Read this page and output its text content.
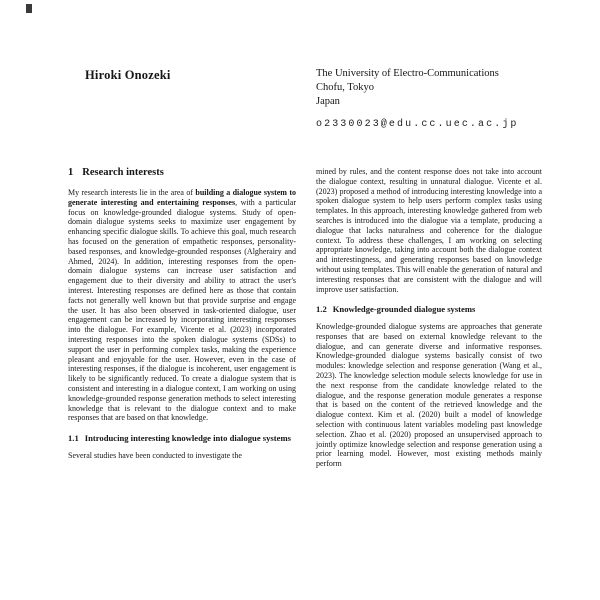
Hiroki Onozeki	The University of Electro-Communications
Chofu, Tokyo
Japan
o2330023@edu.cc.uec.ac.jp
1 Research interests

My research interests lie in the area of building a dialogue system to generate interesting and entertaining responses, with a particular focus on knowledge-grounded dialogue systems. Study of open-domain dialogue systems seeks to maximize user engagement by enhancing specific dialogue skills. To achieve this goal, much research has focused on the generation of empathetic responses, personality-based responses, and knowledge-grounded responses (Algherairy and Ahmed, 2024). In addition, interesting responses from the open-domain dialogue systems can increase user satisfaction and engagement due to their diversity and ability to attract the user's interest. Interesting responses are defined here as those that contain facts not generally well known but that provide surprise and engage the user. It has also been observed in task-oriented dialogue, user engagement can be increased by incorporating interesting responses into the dialogue. For example, Vicente et al. (2023) incorporated interesting responses into the spoken dialogue systems (SDSs) to support the user in performing complex tasks, making the experience pleasant and enjoyable for the user. However, even in the case of interesting responses, if the dialogue is incoherent, user engagement is likely to be significantly reduced. To create a dialogue system that is consistent and interesting in a dialogue context, I am working on using knowledge-grounded response generation methods to select interesting knowledge that is relevant to the dialogue context and to make responses that are based on that knowledge.

1.1 Introducing interesting knowledge into dialogue systems

Several studies have been conducted to investigate the

mined by rules, and the content response does not take into account the dialogue context, resulting in unnatural dialogue. Vicente et al. (2023) proposed a method of introducing interesting knowledge into a spoken dialogue system to help users perform complex tasks using templates. In this approach, interesting knowledge gathered from web searches is introduced into the dialogue via a template, producing a dialogue that lacks naturalness and coherence for the dialogue context. To address these challenges, I am working on selecting appropriate knowledge, taking into account both the dialogue context and interestingness, and generating responses based on knowledge without using templates. This will enable the generation of natural and interesting responses that are consistent with the dialogue and will improve user satisfaction.

1.2 Knowledge-grounded dialogue systems

Knowledge-grounded dialogue systems are approaches that generate responses that are based on external knowledge relevant to the dialogue, and can generate diverse and informative responses. Knowledge-grounded dialogue systems basically consist of two modules: knowledge selection and response generation (Wang et al., 2023). The knowledge selection module selects knowledge for use in the next response from the candidate knowledge related to the dialogue, and the response generation module generates a response that is based on the content of the retrieved knowledge and the dialogue context. Kim et al. (2020) built a model of knowledge selection with continuous latent variables modeling past knowledge selection. Zhao et al. (2020) proposed an unsupervised approach to jointly optimize knowledge selection and response generation using a prior learning model. However, most existing methods mainly perform
